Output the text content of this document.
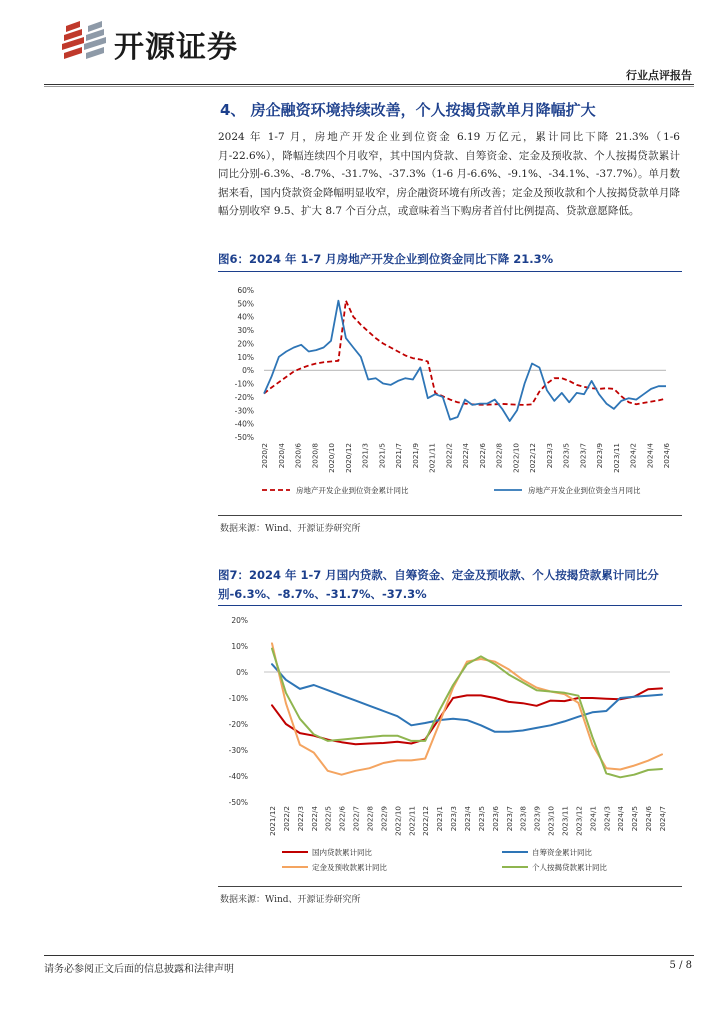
开源证券
行业点评报告
4、 房企融资环境持续改善，个人按揭贷款单月降幅扩大
2024 年 1-7 月，房地产开发企业到位资金 6.19 万亿元，累计同比下降 21.3%（1-6 月-22.6%），降幅连续四个月收窄，其中国内贷款、自筹资金、定金及预收款、个人按揭贷款累计同比分别-6.3%、-8.7%、-31.7%、-37.3%（1-6 月-6.6%、-9.1%、-34.1%、-37.7%）。单月数据来看，国内贷款资金降幅明显收窄，房企融资环境有所改善；定金及预收款和个人按揭贷款单月降幅分别收窄 9.5、扩大 8.7 个百分点，或意味着当下购房者首付比例提高、贷款意愿降低。
图6：2024 年 1-7 月房地产开发企业到位资金同比下降 21.3%
60%
50%
40%
30%
20%
10%
0%
-10%
-20%
-30%
-40%
-50%
2020/2 2020/4 2020/6 2020/8 2020/10 2020/12 2021/3 2021/5 2021/7 2021/9 2021/11 2022/2 2022/4 2022/6 2022/8 2022/10 2022/12 2023/3 2023/5 2023/7 2023/9 2023/11 2024/2 2024/4 2024/6
房地产开发企业到位资金累计同比	房地产开发企业到位资金当月同比
数据来源：Wind、开源证券研究所
图7：2024 年 1-7 月国内贷款、自筹资金、定金及预收款、个人按揭贷款累计同比分别-6.3%、-8.7%、-31.7%、-37.3%
20%
10%
0%
-10%
-20%
-30%
-40%
-50%
2021/12 2022/2 2022/3 2022/4 2022/5 2022/6 2022/7 2022/8 2022/9 2022/10 2022/11 2022/12 2023/1 2023/3 2023/4 2023/5 2023/6 2023/7 2023/8 2023/9 2023/10 2023/11 2023/12 2024/1 2024/3 2024/4 2024/5 2024/6 2024/7
国内贷款累计同比	自筹资金累计同比
定金及预收款累计同比	个人按揭贷款累计同比
数据来源：Wind、开源证券研究所
请务必参阅正文后面的信息披露和法律声明	5 / 8
